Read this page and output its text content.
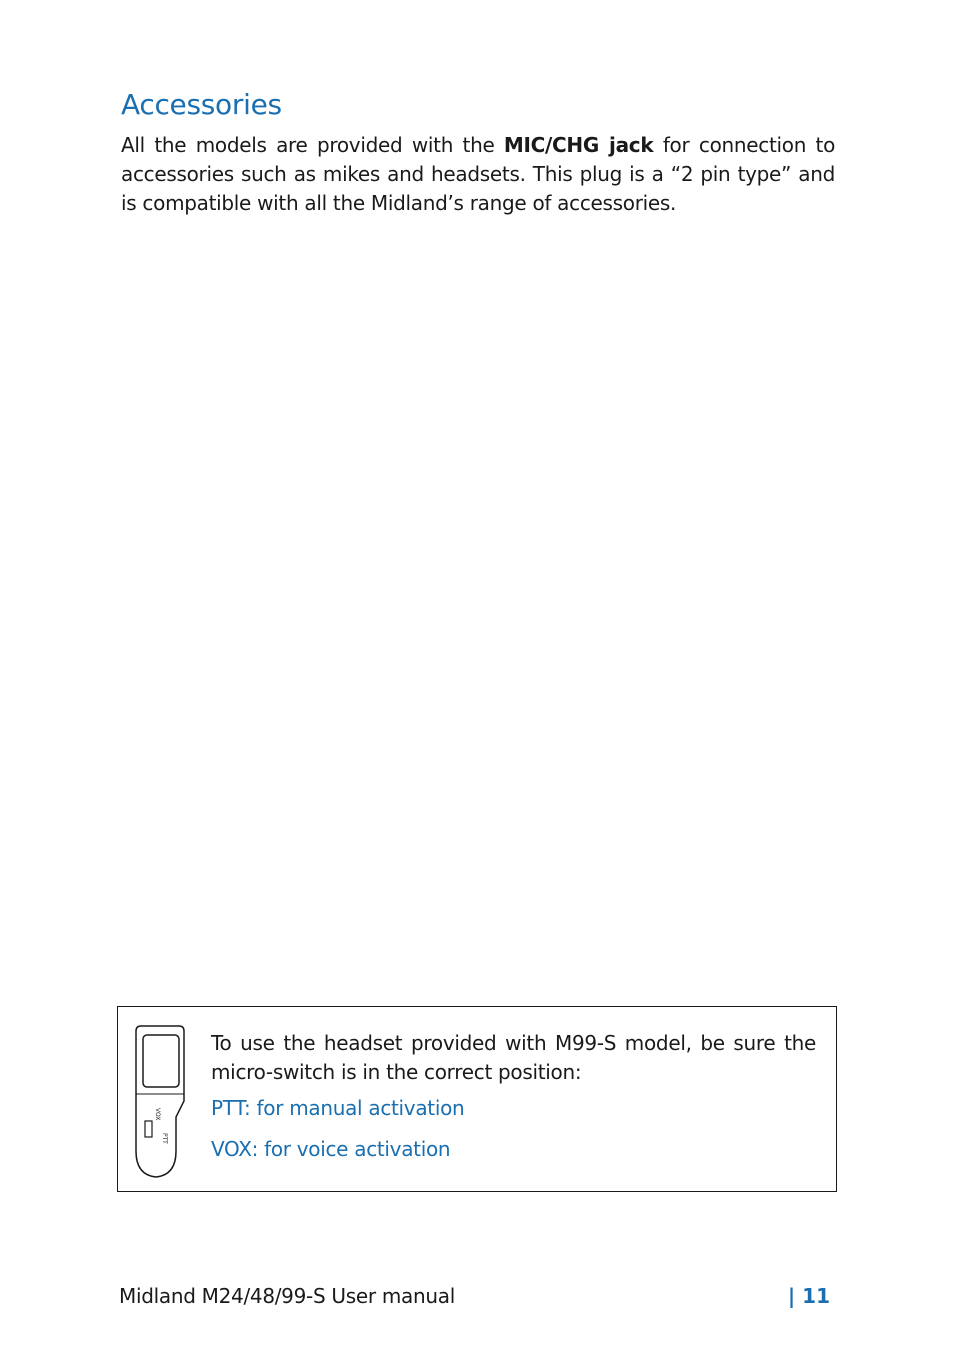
Accessories

All the models are provided with the MIC/CHG jack for connection to accessories such as mikes and headsets. This plug is a “2 pin type” and is compatible with all the Midland’s range of accessories.

VOX
PTT

To use the headset provided with M99-S model, be sure the micro-switch is in the correct position:

PTT: for manual activation

VOX: for voice activation

Midland M24/48/99-S User manual	| 11
